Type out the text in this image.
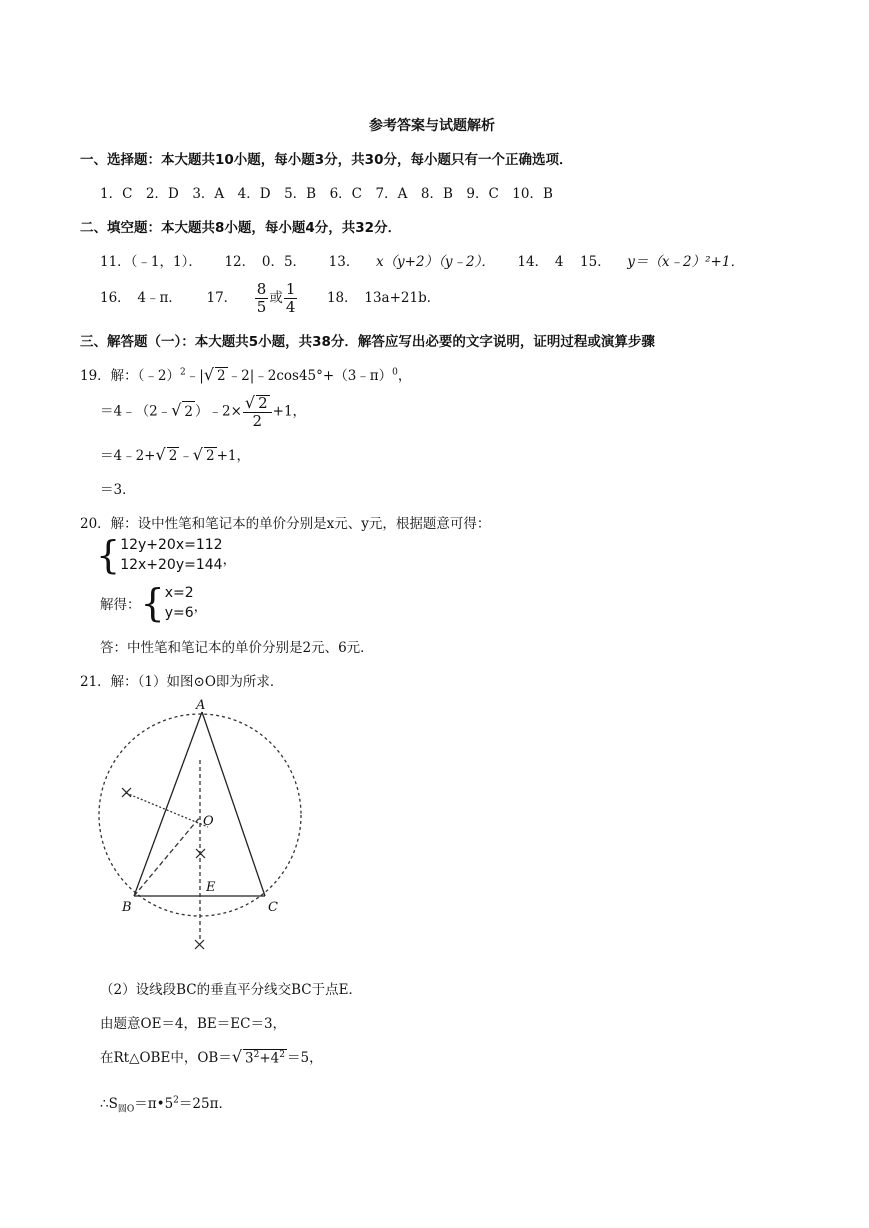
参考答案与试题解析
一、选择题：本大题共10小题，每小题3分，共30分，每小题只有一个正确选项．
1．C　2．D　3．A　4．D　5．B　6．C　7．A　8．B　9．C　10．B
二、填空题：本大题共8小题，每小题4分，共32分．
11．（﹣1，1）． 12．　0．5． 13． x（y+2）（y﹣2）． 14．　4 15． y＝（x﹣2）²+1．
16．　4﹣π． 17． $\frac{8}{5}$ 或 $\frac{1}{4} 18$．　13a+21b．
三、解答题（一）：本大题共5小题，共38分．解答应写出必要的文字说明，证明过程或演算步骤
19．解：（﹣2）$^2$﹣|√ 2 ﹣2|﹣2cos45°+（3﹣π）$^0$，
＝4﹣（2﹣√ 2 ）﹣2× $\frac{√ 2}{2} +1$，
＝4﹣2+√ 2 ﹣√ 2 +1，
＝3．
20．解：设中性笔和笔记本的单价分别是x元、y元，根据题意可得：
{ 12y+20x=112
12x+20y=144 ，
解得： { x=2
y=6 ，
答：中性笔和笔记本的单价分别是2元、6元．
21．解：（1）如图⊙O即为所求．
A
O
E
B	C
（2）设线段BC的垂直平分线交BC于点E．
由题意OE＝4，BE＝EC＝3，
在Rt△OBE中，OB＝√ $3^2+4^2 =5$，
$\therefore S_{圆O}=\pi•5^2=25\pi$．
